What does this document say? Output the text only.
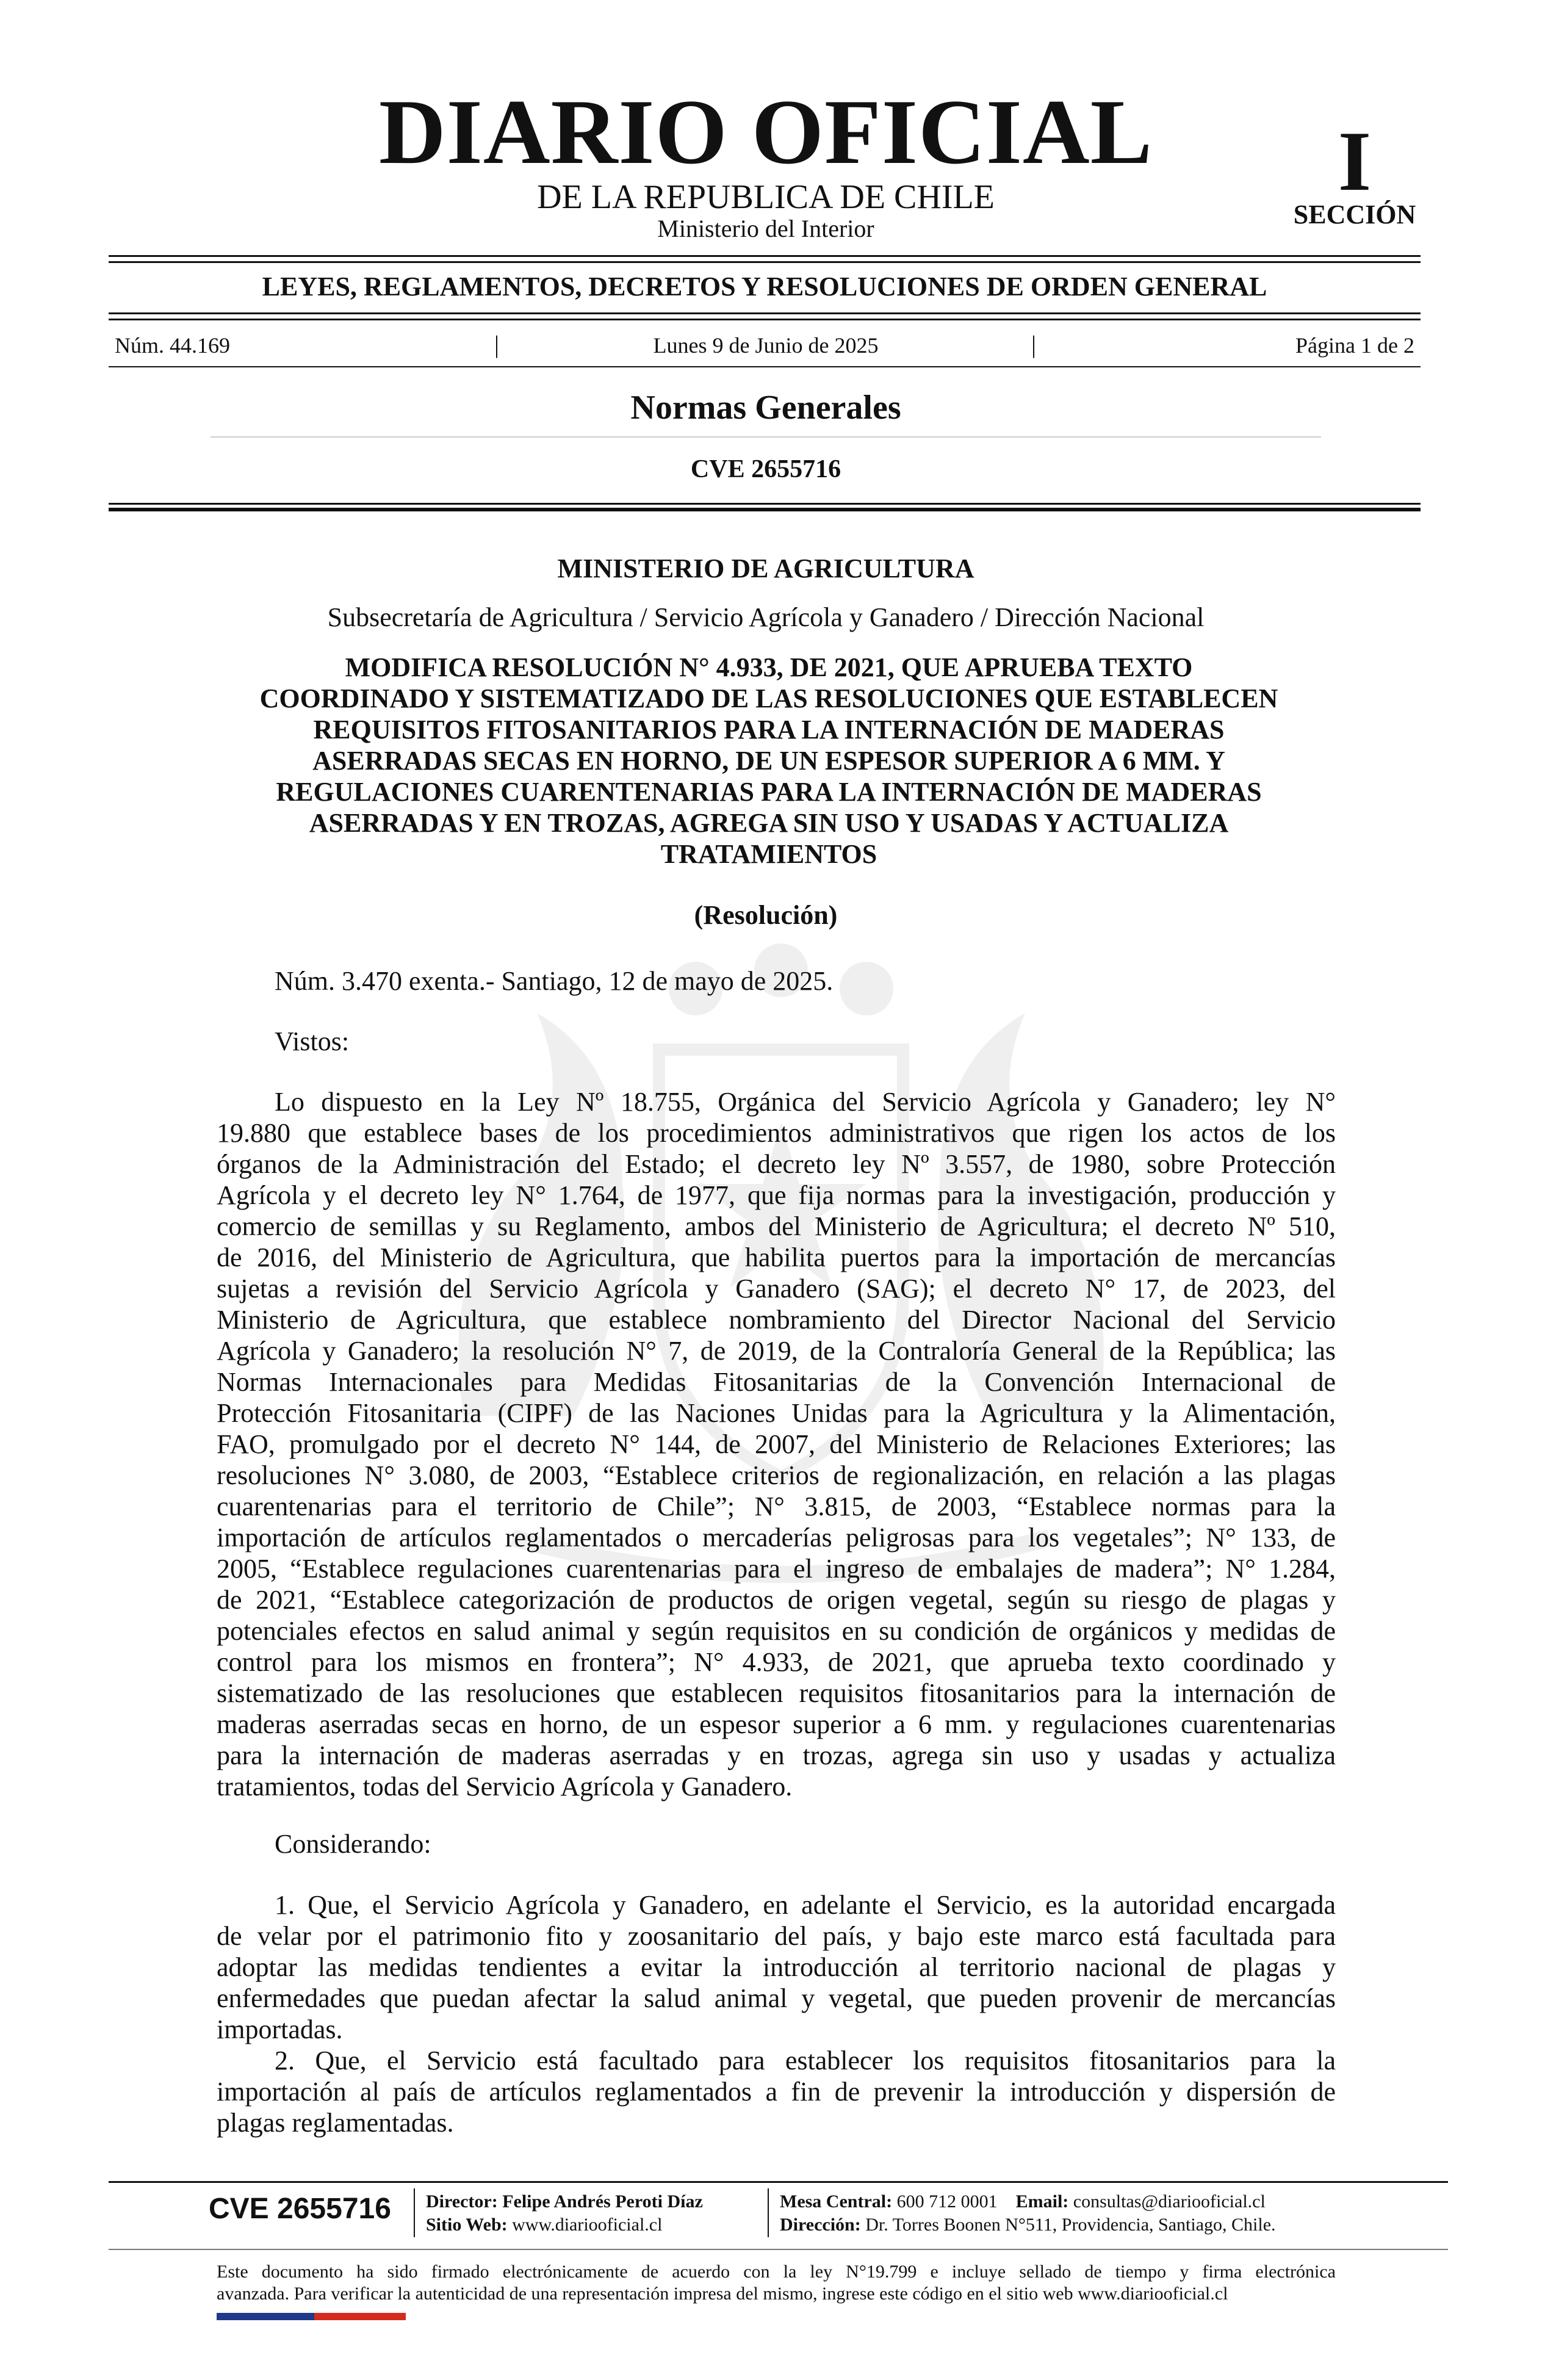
DIARIO OFICIAL
DE LA REPUBLICA DE CHILE
Ministerio del Interior
I
SECCIÓN
LEYES, REGLAMENTOS, DECRETOS Y RESOLUCIONES DE ORDEN GENERAL
Núm. 44.169	|	Lunes 9 de Junio de 2025	|	Página 1 de 2
Normas Generales
CVE 2655716
MINISTERIO DE AGRICULTURA
Subsecretaría de Agricultura / Servicio Agrícola y Ganadero / Dirección Nacional
MODIFICA RESOLUCIÓN N° 4.933, DE 2021, QUE APRUEBA TEXTO
COORDINADO Y SISTEMATIZADO DE LAS RESOLUCIONES QUE ESTABLECEN
REQUISITOS FITOSANITARIOS PARA LA INTERNACIÓN DE MADERAS
ASERRADAS SECAS EN HORNO, DE UN ESPESOR SUPERIOR A 6 MM. Y
REGULACIONES CUARENTENARIAS PARA LA INTERNACIÓN DE MADERAS
ASERRADAS Y EN TROZAS, AGREGA SIN USO Y USADAS Y ACTUALIZA
TRATAMIENTOS
(Resolución)
Núm. 3.470 exenta.- Santiago, 12 de mayo de 2025.
Vistos:
Lo dispuesto en la Ley Nº 18.755, Orgánica del Servicio Agrícola y Ganadero; ley N°
19.880 que establece bases de los procedimientos administrativos que rigen los actos de los
órganos de la Administración del Estado; el decreto ley Nº 3.557, de 1980, sobre Protección
Agrícola y el decreto ley N° 1.764, de 1977, que fija normas para la investigación, producción y
comercio de semillas y su Reglamento, ambos del Ministerio de Agricultura; el decreto Nº 510,
de 2016, del Ministerio de Agricultura, que habilita puertos para la importación de mercancías
sujetas a revisión del Servicio Agrícola y Ganadero (SAG); el decreto N° 17, de 2023, del
Ministerio de Agricultura, que establece nombramiento del Director Nacional del Servicio
Agrícola y Ganadero; la resolución N° 7, de 2019, de la Contraloría General de la República; las
Normas Internacionales para Medidas Fitosanitarias de la Convención Internacional de
Protección Fitosanitaria (CIPF) de las Naciones Unidas para la Agricultura y la Alimentación,
FAO, promulgado por el decreto N° 144, de 2007, del Ministerio de Relaciones Exteriores; las
resoluciones N° 3.080, de 2003, “Establece criterios de regionalización, en relación a las plagas
cuarentenarias para el territorio de Chile”; N° 3.815, de 2003, “Establece normas para la
importación de artículos reglamentados o mercaderías peligrosas para los vegetales”; N° 133, de
2005, “Establece regulaciones cuarentenarias para el ingreso de embalajes de madera”; N° 1.284,
de 2021, “Establece categorización de productos de origen vegetal, según su riesgo de plagas y
potenciales efectos en salud animal y según requisitos en su condición de orgánicos y medidas de
control para los mismos en frontera”; N° 4.933, de 2021, que aprueba texto coordinado y
sistematizado de las resoluciones que establecen requisitos fitosanitarios para la internación de
maderas aserradas secas en horno, de un espesor superior a 6 mm. y regulaciones cuarentenarias
para la internación de maderas aserradas y en trozas, agrega sin uso y usadas y actualiza
tratamientos, todas del Servicio Agrícola y Ganadero.
Considerando:
1. Que, el Servicio Agrícola y Ganadero, en adelante el Servicio, es la autoridad encargada
de velar por el patrimonio fito y zoosanitario del país, y bajo este marco está facultada para
adoptar las medidas tendientes a evitar la introducción al territorio nacional de plagas y
enfermedades que puedan afectar la salud animal y vegetal, que pueden provenir de mercancías
importadas.
2. Que, el Servicio está facultado para establecer los requisitos fitosanitarios para la
importación al país de artículos reglamentados a fin de prevenir la introducción y dispersión de
plagas reglamentadas.
CVE 2655716 Director: Felipe Andrés Peroti Díaz
Sitio Web: www.diariooficial.cl
Mesa Central: 600 712 0001 Email: consultas@diariooficial.cl
Dirección: Dr. Torres Boonen N°511, Providencia, Santiago, Chile.
Este documento ha sido firmado electrónicamente de acuerdo con la ley N°19.799 e incluye sellado de tiempo y firma electrónica
avanzada. Para verificar la autenticidad de una representación impresa del mismo, ingrese este código en el sitio web www.diariooficial.cl
